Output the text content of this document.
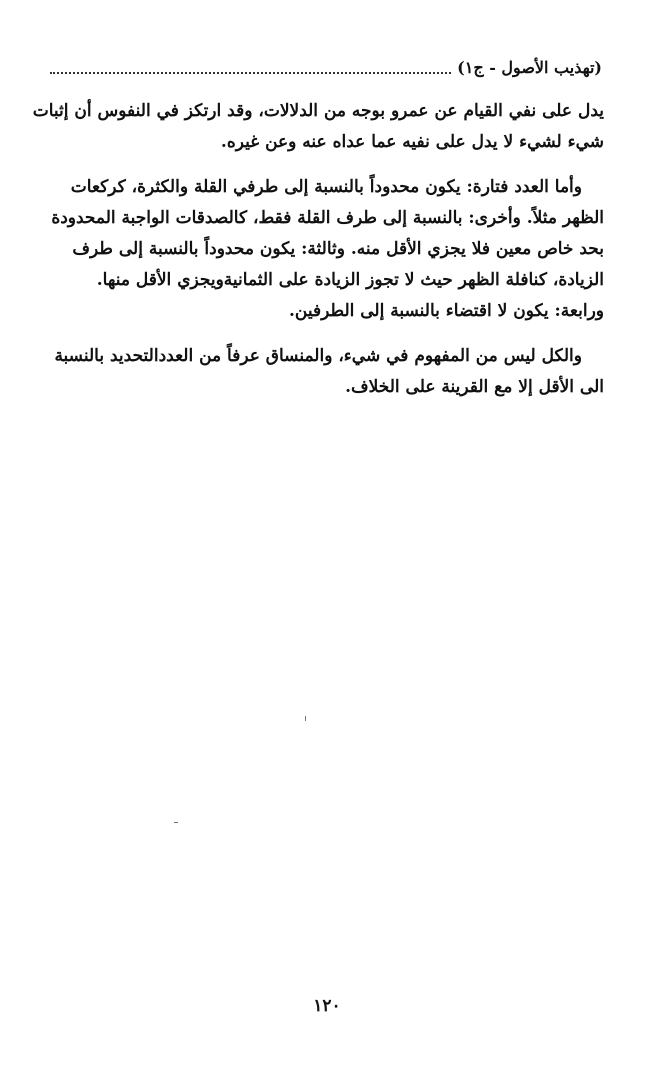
(تهذيب الأصول - ج١)

يدل على نفي القيام عن عمرو بوجه من الدلالات، وقد ارتكز في النفوس أن إثبات
شيء لشيء لا يدل على نفيه عما عداه عنه وعن غيره.

وأما العدد فتارة: يكون محدوداً بالنسبة إلى طرفي القلة والكثرة، كركعات
الظهر مثلاً. وأخرى: بالنسبة إلى طرف القلة فقط، كالصدقات الواجبة المحدودة
بحد خاص معين فلا يجزي الأقل منه. وثالثة: يكون محدوداً بالنسبة إلى طرف
الزيادة، كنافلة الظهر حيث لا تجوز الزيادة على الثمانيةويجزي الأقل منها.
ورابعة: يكون لا اقتضاء بالنسبة إلى الطرفين.

والكل ليس من المفهوم في شيء، والمنساق عرفاً من العددالتحديد بالنسبة
الى الأقل إلا مع القرينة على الخلاف.

١٢٠
